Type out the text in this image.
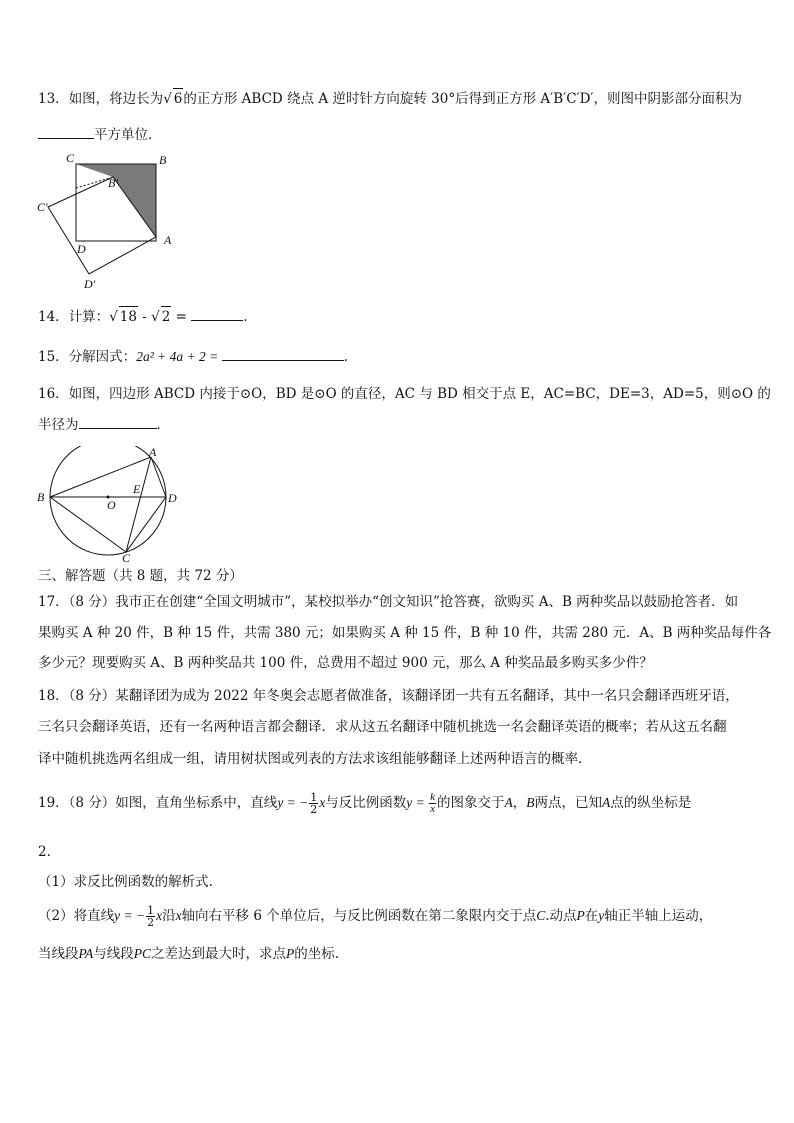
13．如图，将边长为 √ 6的正方形 ABCD 绕点 A 逆时针方向旋转 30°后得到正方形 A′B′C′D′，则图中阴影部分面积为
平方单位．
C	B
B′
C′
D
A
D′
14．计算： √ 18 - √ 2 =	.
15．分解因式：2a² + 4a + 2 =	.
16．如图，四边形 ABCD 内接于⊙O，BD 是⊙O 的直径，AC 与 BD 相交于点 E，AC=BC，DE=3，AD=5，则⊙O 的
半径为	．
A
B
C
D
E
O
三、解答题（共 8 题，共 72 分）
17．（8 分）我市正在创建“全国文明城市”，某校拟举办“创文知识”抢答赛，欲购买 A、B 两种奖品以鼓励抢答者．如
果购买 A 种 20 件，B 种 15 件，共需 380 元；如果购买 A 种 15 件，B 种 10 件，共需 280 元．A、B 两种奖品每件各
多少元？现要购买 A、B 两种奖品共 100 件，总费用不超过 900 元，那么 A 种奖品最多购买多少件？
18．（8 分）某翻译团为成为 2022 年冬奥会志愿者做准备，该翻译团一共有五名翻译，其中一名只会翻译西班牙语，
三名只会翻译英语，还有一名两种语言都会翻译．求从这五名翻译中随机挑选一名会翻译英语的概率；若从这五名翻
译中随机挑选两名组成一组，请用树状图或列表的方法求该组能够翻译上述两种语言的概率．
19．（8 分）如图，直角坐标系中，直线y = − $\frac{1}{2}$ x与反比例函数$y = \frac{k}{x}$ 的图象交于A，B两点，已知A点的纵坐标是
2.
（1）求反比例函数的解析式.
（2）将直线y = − $\frac{1}{2}$ x沿x轴向右平移 6 个单位后，与反比例函数在第二象限内交于点C.动点P在y轴正半轴上运动，
当线段PA与线段PC之差达到最大时，求点P的坐标.
